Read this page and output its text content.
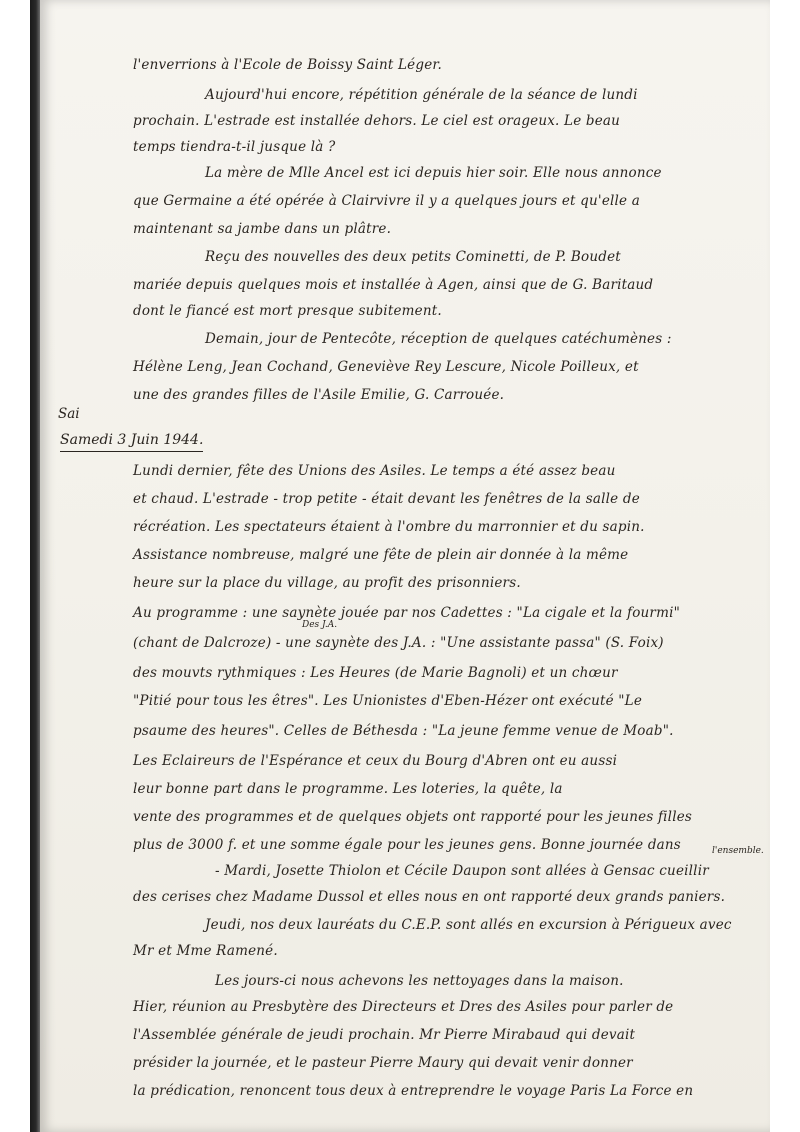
l'enverrions à l'Ecole de Boissy Saint Léger.
Aujourd'hui encore, répétition générale de la séance de lundi
prochain. L'estrade est installée dehors. Le ciel est orageux. Le beau
temps tiendra-t-il jusque là ?
La mère de Mlle Ancel est ici depuis hier soir. Elle nous annonce
que Germaine a été opérée à Clairvivre il y a quelques jours et qu'elle a
maintenant sa jambe dans un plâtre.
Reçu des nouvelles des deux petits Cominetti, de P. Boudet
mariée depuis quelques mois et installée à Agen, ainsi que de G. Baritaud
dont le fiancé est mort presque subitement.
Demain, jour de Pentecôte, réception de quelques catéchumènes :
Hélène Leng, Jean Cochand, Geneviève Rey Lescure, Nicole Poilleux, et
une des grandes filles de l'Asile Emilie, G. Carrouée.
Sai
Samedi 3 Juin 1944.
Lundi dernier, fête des Unions des Asiles. Le temps a été assez beau
et chaud. L'estrade - trop petite - était devant les fenêtres de la salle de
récréation. Les spectateurs étaient à l'ombre du marronnier et du sapin.
Assistance nombreuse, malgré une fête de plein air donnée à la même
heure sur la place du village, au profit des prisonniers.
Au programme : une saynète jouée par nos Cadettes : "La cigale et la fourmi"
Des J.A.
(chant de Dalcroze) - une saynète des J.A. : "Une assistante passa" (S. Foix)
des mouvts rythmiques : Les Heures (de Marie Bagnoli) et un chœur
"Pitié pour tous les êtres". Les Unionistes d'Eben-Hézer ont exécuté "Le
psaume des heures". Celles de Béthesda : "La jeune femme venue de Moab".
Les Eclaireurs de l'Espérance et ceux du Bourg d'Abren ont eu aussi
leur bonne part dans le programme. Les loteries, la quête, la
vente des programmes et de quelques objets ont rapporté pour les jeunes filles
plus de 3000 f. et une somme égale pour les jeunes gens. Bonne journée dans	l'ensemble.
- Mardi, Josette Thiolon et Cécile Daupon sont allées à Gensac cueillir
des cerises chez Madame Dussol et elles nous en ont rapporté deux grands paniers.
Jeudi, nos deux lauréats du C.E.P. sont allés en excursion à Périgueux avec
Mr et Mme Ramené.
Les jours-ci nous achevons les nettoyages dans la maison.
Hier, réunion au Presbytère des Directeurs et Dres des Asiles pour parler de
l'Assemblée générale de jeudi prochain. Mr Pierre Mirabaud qui devait
présider la journée, et le pasteur Pierre Maury qui devait venir donner
la prédication, renoncent tous deux à entreprendre le voyage Paris La Force en
